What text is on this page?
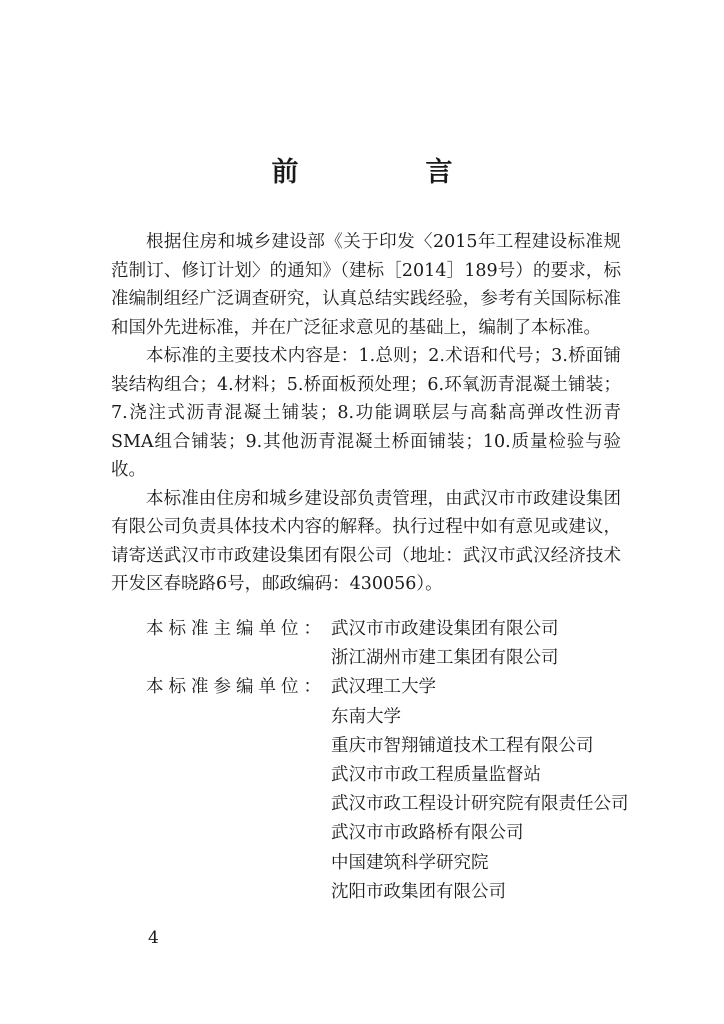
前　言

根据住房和城乡建设部《关于印发〈2015年工程建设标准规范制订、修订计划〉的通知》（建标［2014］189号）的要求，标准编制组经广泛调查研究，认真总结实践经验，参考有关国际标准和国外先进标准，并在广泛征求意见的基础上，编制了本标准。

本标准的主要技术内容是：1.总则；2.术语和代号；3.桥面铺装结构组合；4.材料；5.桥面板预处理；6.环氧沥青混凝土铺装；7.浇注式沥青混凝土铺装；8.功能调联层与高黏高弹改性沥青SMA组合铺装；9.其他沥青混凝土桥面铺装；10.质量检验与验收。

本标准由住房和城乡建设部负责管理，由武汉市市政建设集团有限公司负责具体技术内容的解释。执行过程中如有意见或建议，请寄送武汉市市政建设集团有限公司（地址：武汉市武汉经济技术开发区春晓路6号，邮政编码：430056）。

本标准主编单位： 武汉市市政建设集团有限公司
浙江湖州市建工集团有限公司
本标准参编单位： 武汉理工大学
东南大学
重庆市智翔铺道技术工程有限公司
武汉市市政工程质量监督站
武汉市政工程设计研究院有限责任公司
武汉市市政路桥有限公司
中国建筑科学研究院
沈阳市政集团有限公司
4
